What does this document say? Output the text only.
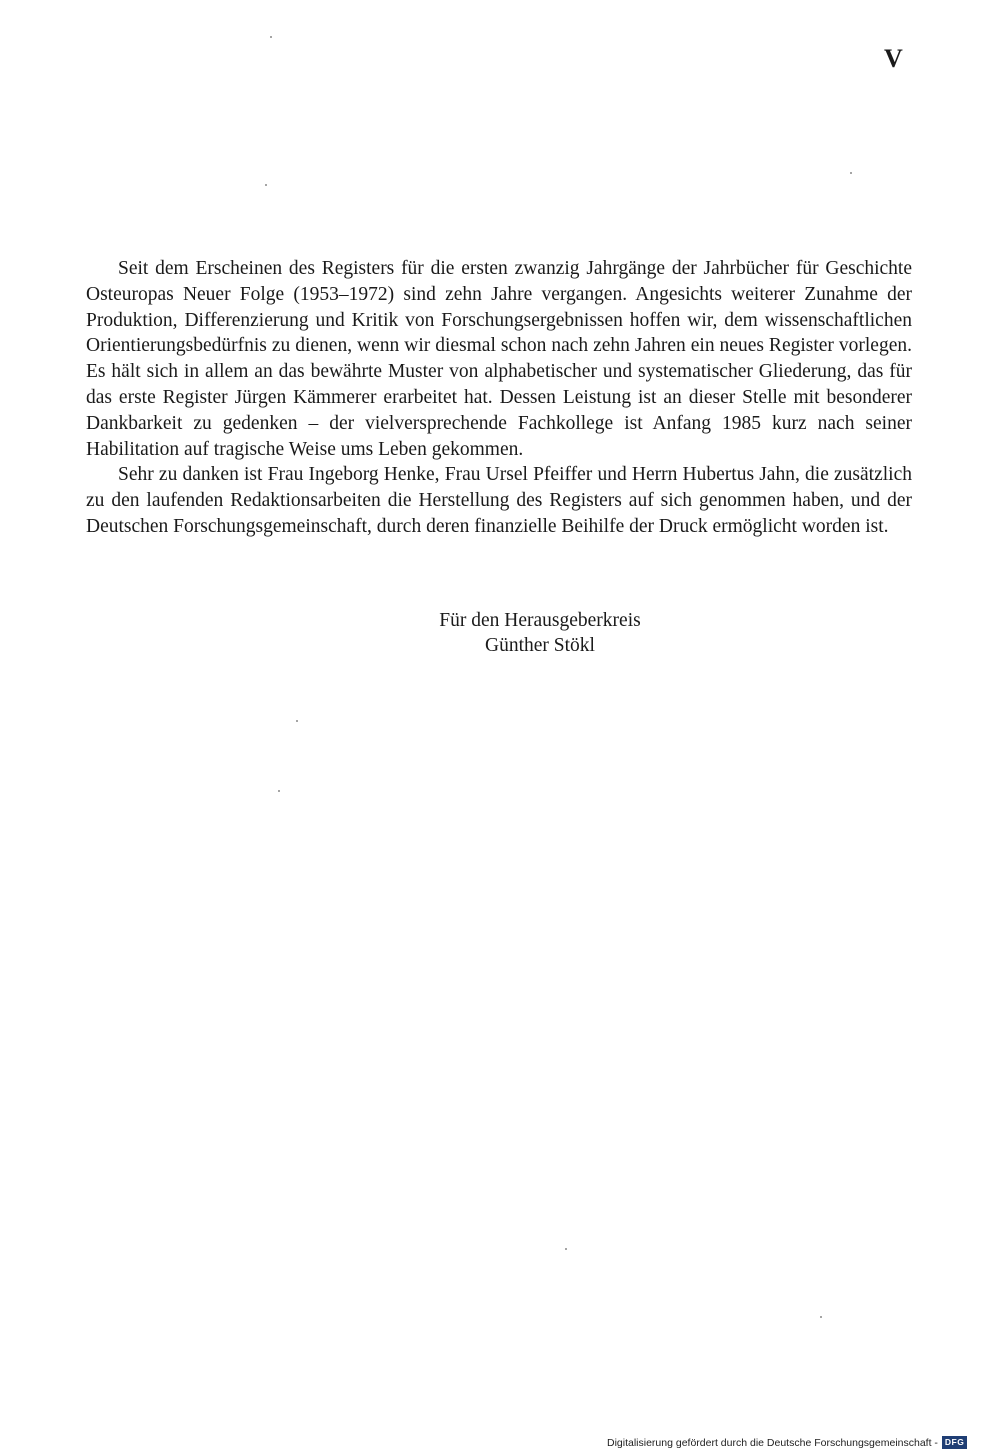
V

Seit dem Erscheinen des Registers für die ersten zwanzig Jahrgänge der Jahrbücher für Geschichte Osteuropas Neuer Folge (1953–1972) sind zehn Jahre vergangen. Angesichts weiterer Zunahme der Produktion, Differenzierung und Kritik von Forschungsergebnissen hoffen wir, dem wissenschaftlichen Orientierungsbedürfnis zu dienen, wenn wir diesmal schon nach zehn Jahren ein neues Register vorlegen. Es hält sich in allem an das bewährte Muster von alphabetischer und systematischer Gliederung, das für das erste Register Jürgen Kämmerer erarbeitet hat. Dessen Leistung ist an dieser Stelle mit besonderer Dankbarkeit zu gedenken – der vielversprechende Fachkollege ist Anfang 1985 kurz nach seiner Habilitation auf tragische Weise ums Leben gekommen.

Sehr zu danken ist Frau Ingeborg Henke, Frau Ursel Pfeiffer und Herrn Hubertus Jahn, die zusätzlich zu den laufenden Redaktionsarbeiten die Herstellung des Registers auf sich genommen haben, und der Deutschen Forschungsgemeinschaft, durch deren finanzielle Beihilfe der Druck ermöglicht worden ist.

Für den Herausgeberkreis
Günther Stökl
Digitalisierung gefördert durch die Deutsche Forschungsgemeinschaft - DFG
